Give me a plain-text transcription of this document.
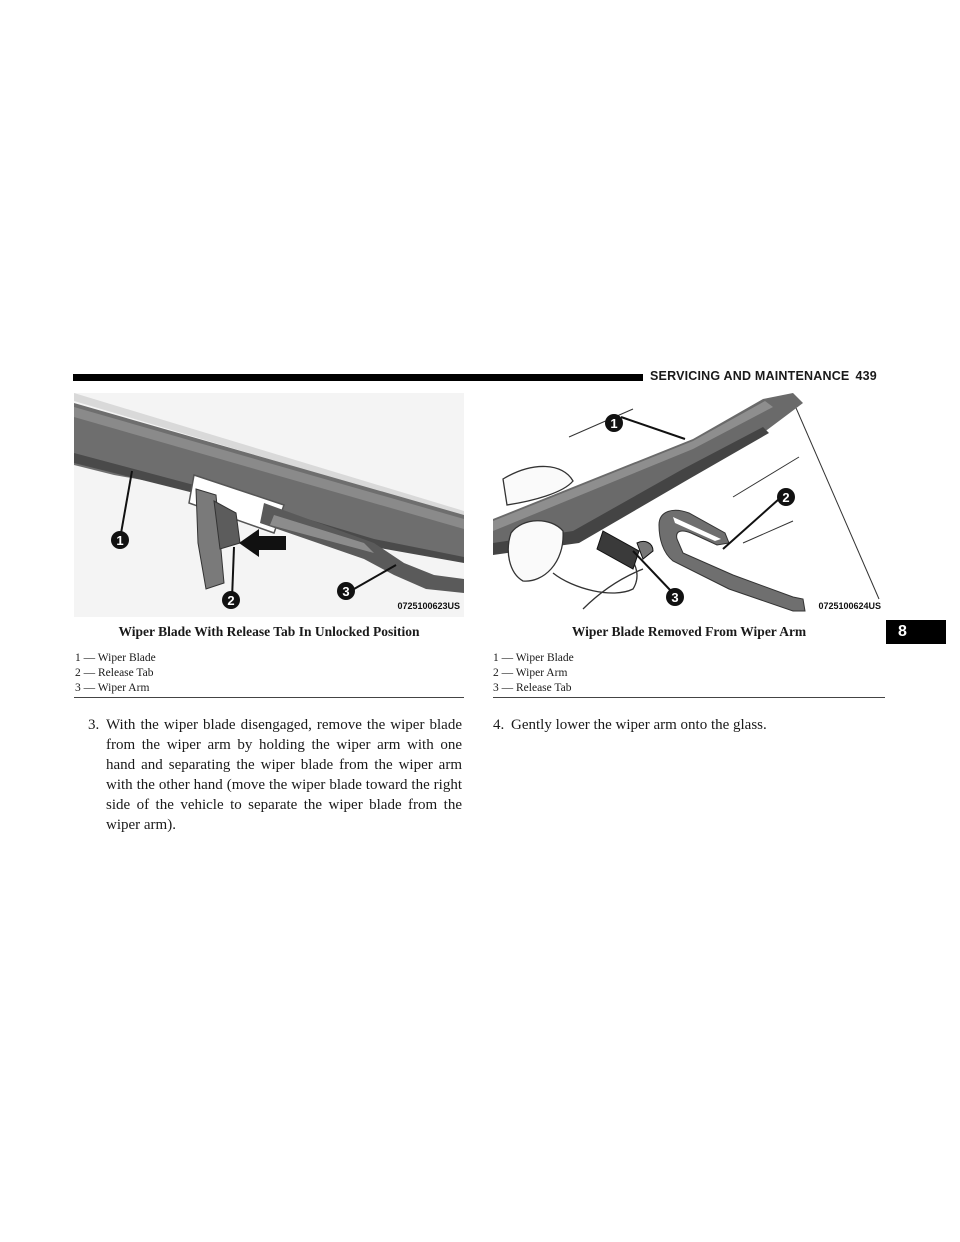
SERVICING AND MAINTENANCE 439
1
2
3
0725100623US
1
2
3
0725100624US
Wiper Blade With Release Tab In Unlocked Position	Wiper Blade Removed From Wiper Arm
1 — Wiper Blade
2 — Release Tab
3 — Wiper Arm
1 — Wiper Blade
2 — Wiper Arm
3 — Release Tab
8
3. With the wiper blade disengaged, remove the wiper blade from the wiper arm by holding the wiper arm with one hand and separating the wiper blade from the wiper arm with the other hand (move the wiper blade toward the right side of the vehicle to separate the wiper blade from the wiper arm).
4. Gently lower the wiper arm onto the glass.
